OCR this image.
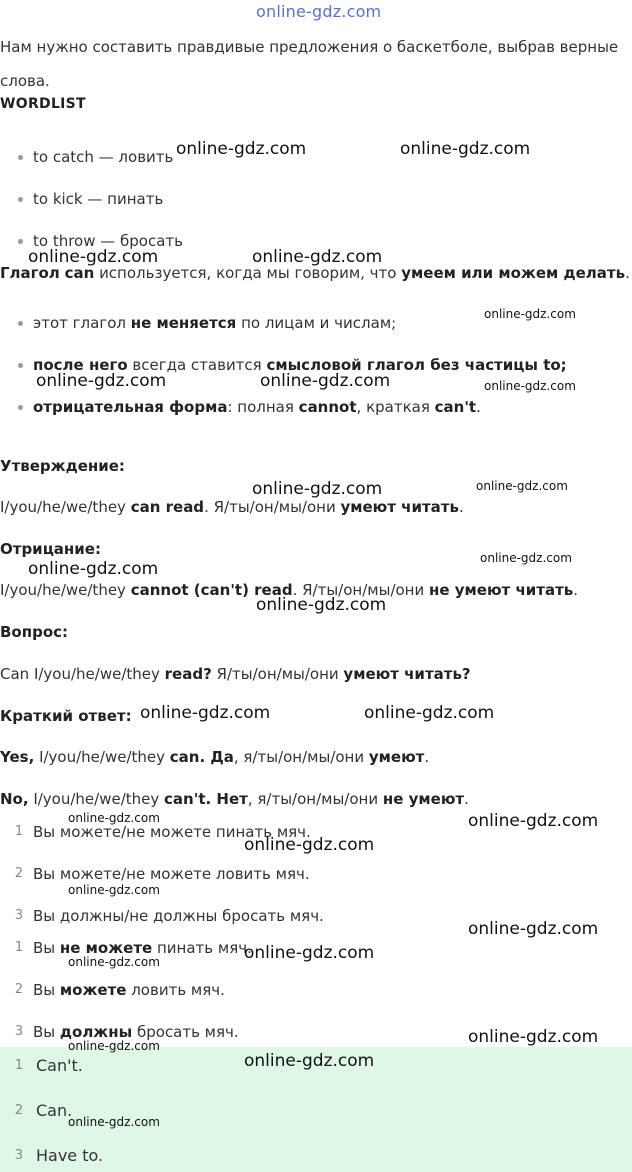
online-gdz.com
Нам нужно составить правдивые предложения о баскетболе, выбрав верные слова.
WORDLIST
to catch — ловить
to kick — пинать
to throw — бросать
Глагол can используется, когда мы говорим, что умеем или можем делать.
этот глагол не меняется по лицам и числам;
после него всегда ставится смысловой глагол без частицы to;
отрицательная форма: полная cannot, краткая can't.
Утверждение:
I/you/he/we/they can read. Я/ты/он/мы/они умеют читать.
Отрицание:
I/you/he/we/they cannot (can't) read. Я/ты/он/мы/они не умеют читать.
Вопрос:
Can I/you/he/we/they read? Я/ты/он/мы/они умеют читать?
Краткий ответ:
Yes, I/you/he/we/they can. Да, я/ты/он/мы/они умеют.
No, I/you/he/we/they can't. Нет, я/ты/он/мы/они не умеют.
1 Вы можете/не можете пинать мяч.
2 Вы можете/не можете ловить мяч.
3 Вы должны/не должны бросать мяч.
1 Вы не можете пинать мяч.
2 Вы можете ловить мяч.
3 Вы должны бросать мяч.
1 Can't.
2 Can.
3 Have to.
online-gdz.com	online-gdz.com
online-gdz.com	online-gdz.com
online-gdz.com
online-gdz.com	online-gdz.com	online-gdz.com
online-gdz.com	online-gdz.com
online-gdz.com
online-gdz.com
online-gdz.com
online-gdz.com	online-gdz.com
online-gdz.com	online-gdz.com
online-gdz.com
online-gdz.com
online-gdz.com
online-gdz.com
online-gdz.com
online-gdz.com
online-gdz.com
online-gdz.com
online-gdz.com
